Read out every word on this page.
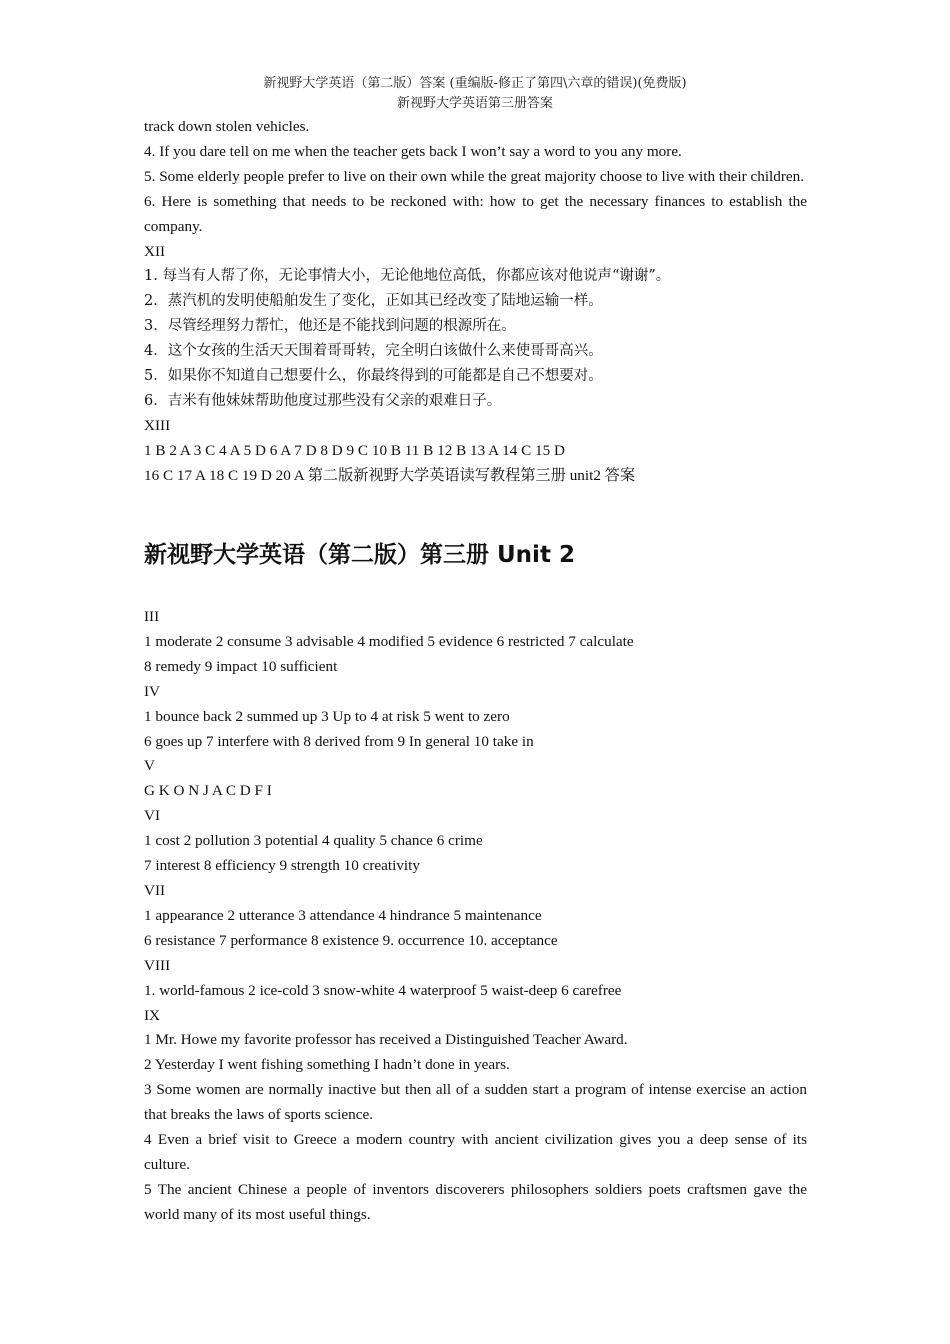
新视野大学英语（第二版）答案 (重编版-修正了第四\六章的错误)(免费版)
新视野大学英语第三册答案
track down stolen vehicles.
4. If you dare tell on me when the teacher gets back I won’t say a word to you any more.
5. Some elderly people prefer to live on their own while the great majority choose to live with their children.
6. Here is something that needs to be reckoned with: how to get the necessary finances to establish the company.
XII
1. 每当有人帮了你，无论事情大小，无论他地位高低，你都应该对他说声“谢谢”。
2．蒸汽机的发明使船舶发生了变化，正如其已经改变了陆地运输一样。
3．尽管经理努力帮忙，他还是不能找到问题的根源所在。
4．这个女孩的生活天天围着哥哥转，完全明白该做什么来使哥哥高兴。
5．如果你不知道自己想要什么，你最终得到的可能都是自己不想要对。
6．吉米有他妹妹帮助他度过那些没有父亲的艰难日子。
XIII
1 B 2 A 3 C 4 A 5 D 6 A 7 D 8 D 9 C 10 B 11 B 12 B 13 A 14 C 15 D
16 C 17 A 18 C 19 D 20 A 第二版新视野大学英语读写教程第三册 unit2 答案
新视野大学英语（第二版）第三册 Unit 2
III
1 moderate 2 consume 3 advisable 4 modified 5 evidence 6 restricted 7 calculate
8 remedy 9 impact 10 sufficient
IV
1 bounce back 2 summed up 3 Up to 4 at risk 5 went to zero
6 goes up 7 interfere with 8 derived from 9 In general 10 take in
V
G K O N J A C D F I
VI
1 cost 2 pollution 3 potential 4 quality 5 chance 6 crime
7 interest 8 efficiency 9 strength 10 creativity
VII
1 appearance 2 utterance 3 attendance 4 hindrance 5 maintenance
6 resistance 7 performance 8 existence 9. occurrence 10. acceptance
VIII
1. world-famous 2 ice-cold 3 snow-white 4 waterproof 5 waist-deep 6 carefree
IX
1 Mr. Howe my favorite professor has received a Distinguished Teacher Award.
2 Yesterday I went fishing something I hadn’t done in years.
3 Some women are normally inactive but then all of a sudden start a program of intense exercise an action that breaks the laws of sports science.
4 Even a brief visit to Greece a modern country with ancient civilization gives you a deep sense of its culture.
5 The ancient Chinese a people of inventors discoverers philosophers soldiers poets craftsmen gave the world many of its most useful things.
